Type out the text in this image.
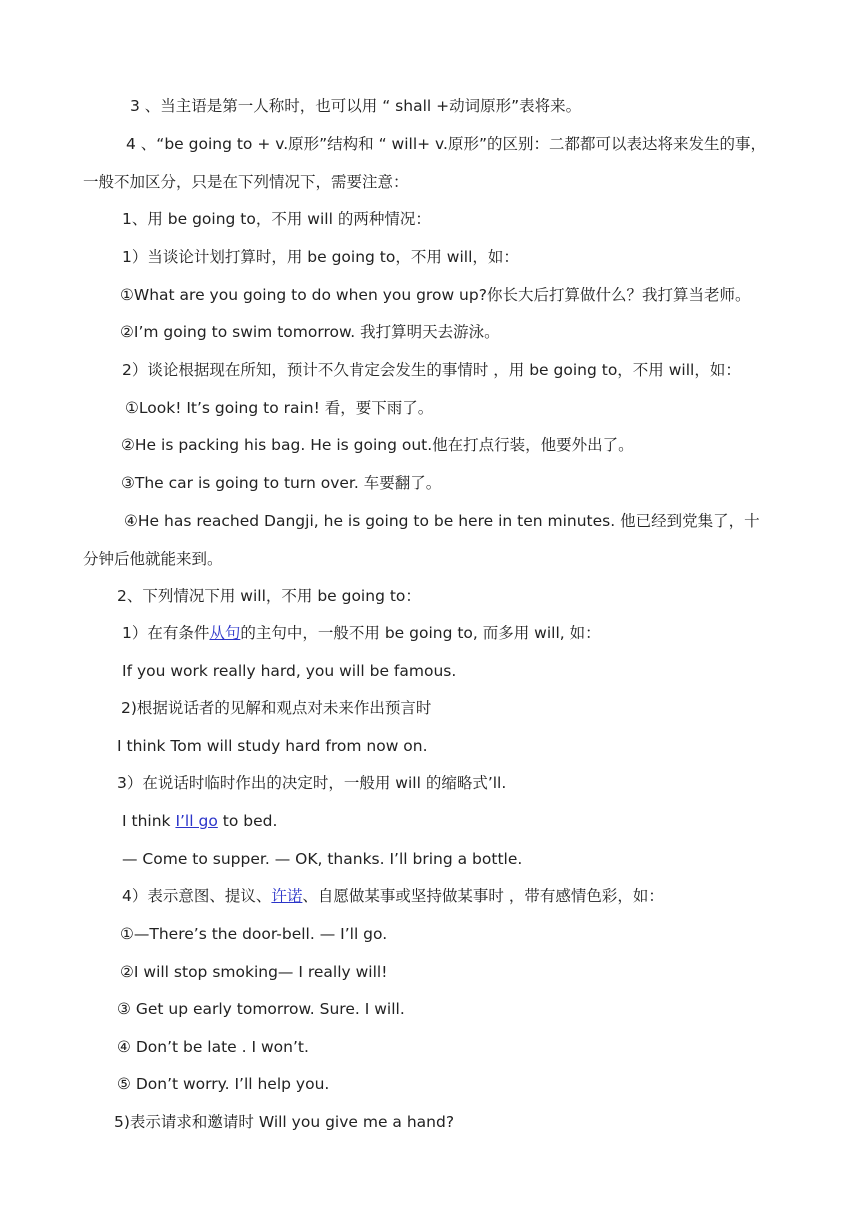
3 、当主语是第一人称时，也可以用 “ shall +动词原形”表将来。
4 、“be going to + v.原形”结构和 “ will+ v.原形”的区别：二都都可以表达将来发生的事，
一般不加区分，只是在下列情况下，需要注意：
1、用 be going to，不用 will 的两种情况：
1）当谈论计划打算时，用 be going to，不用 will，如：
①What are you going to do when you grow up?你长大后打算做什么？我打算当老师。
②I’m going to swim tomorrow. 我打算明天去游泳。
2）谈论根据现在所知，预计不久肯定会发生的事情时 ，用 be going to，不用 will，如：
①Look! It’s going to rain! 看，要下雨了。
②He is packing his bag. He is going out.他在打点行装，他要外出了。
③The car is going to turn over. 车要翻了。
④He has reached Dangji, he is going to be here in ten minutes. 他已经到党集了，十
分钟后他就能来到。
2、下列情况下用 will，不用 be going to：
1）在有条件从句的主句中，一般不用 be going to, 而多用 will, 如：
If you work really hard, you will be famous.
2)根据说话者的见解和观点对未来作出预言时
I think Tom will study hard from now on.
3）在说话时临时作出的决定时，一般用 will 的缩略式’ll.
I think I’ll go to bed.
— Come to supper. — OK, thanks. I’ll bring a bottle.
4）表示意图、提议、许诺、自愿做某事或坚持做某事时 ，带有感情色彩，如：
①—There’s the door-bell. — I’ll go.
②I will stop smoking— I really will!
③ Get up early tomorrow. Sure. I will.
④ Don’t be late . I won’t.
⑤ Don’t worry. I’ll help you.
5)表示请求和邀请时 Will you give me a hand?
